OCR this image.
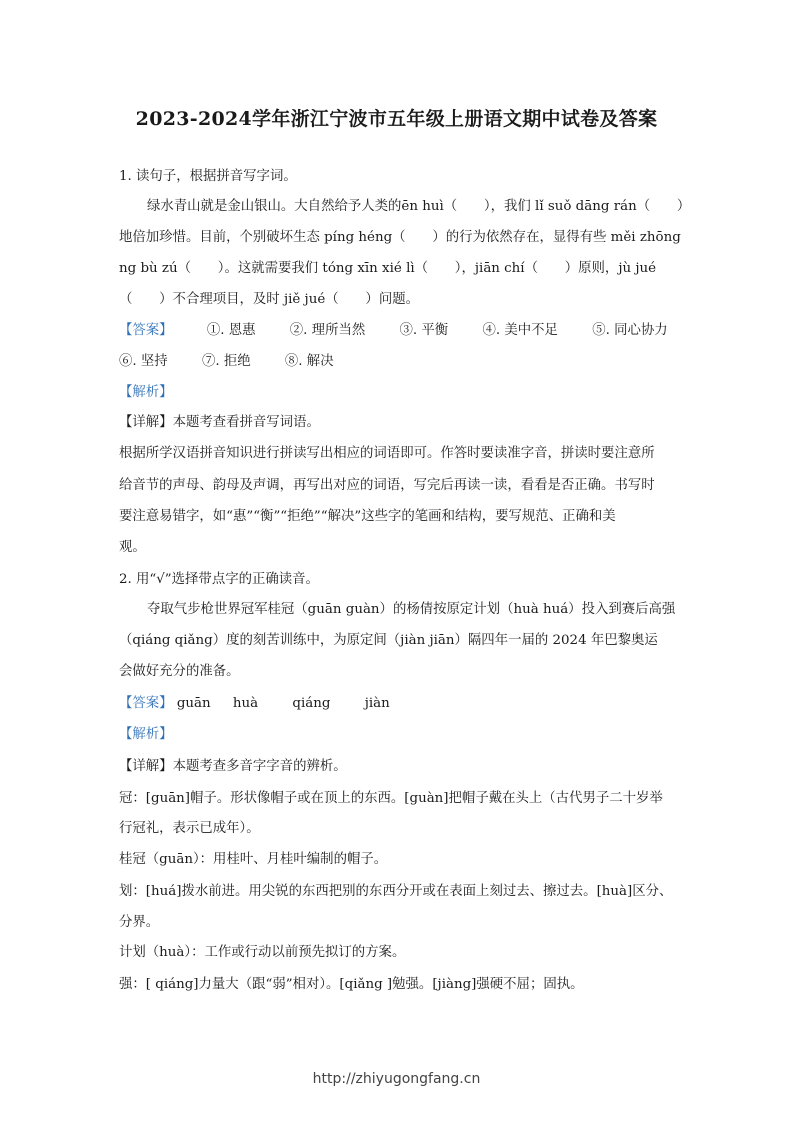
2023-2024学年浙江宁波市五年级上册语文期中试卷及答案
1. 读句子，根据拼音写字词。
绿水青山就是金山银山。大自然给予人类的ēn huì（　　），我们 lǐ suǒ dāng rán（　　）
地倍加珍惜。目前，个别破坏生态 píng héng（　　）的行为依然存在，显得有些 měi zhōng
ng bù zú（　　）。这就需要我们 tóng xīn xié lì（　　），jiān chí（　　）原则，jù jué
（　　）不合理项目，及时 jiě jué（　　）问题。
【答案】	①. 恩惠	②. 理所当然	③. 平衡	④. 美中不足	⑤. 同心协力
⑥. 坚持	⑦. 拒绝	⑧. 解决
【解析】
【详解】本题考查看拼音写词语。
根据所学汉语拼音知识进行拼读写出相应的词语即可。作答时要读准字音，拼读时要注意所
给音节的声母、韵母及声调，再写出对应的词语，写完后再读一读，看看是否正确。书写时
要注意易错字，如“惠”“衡”“拒绝”“解决”这些字的笔画和结构，要写规范、正确和美
观。
2. 用“√”选择带点字的正确读音。
夺取气步枪世界冠军桂冠（guān guàn）的杨倩按原定计划（huà huá）投入到赛后高强
（qiáng qiǎng）度的刻苦训练中，为原定间（jiàn jiān）隔四年一届的 2024 年巴黎奥运
会做好充分的准备。
【答案】 guān huà	qiáng	jiàn
【解析】
【详解】本题考查多音字字音的辨析。
冠：[guān]帽子。形状像帽子或在顶上的东西。[guàn]把帽子戴在头上（古代男子二十岁举
行冠礼，表示已成年）。
桂冠（guān）：用桂叶、月桂叶编制的帽子。
划：[huá]拨水前进。用尖锐的东西把别的东西分开或在表面上刻过去、擦过去。[huà]区分、
分界。
计划（huà）：工作或行动以前预先拟订的方案。
强：[ qiáng]力量大（跟“弱”相对）。[qiǎng ]勉强。[jiàng]强硬不屈；固执。
http://zhiyugongfang.cn
